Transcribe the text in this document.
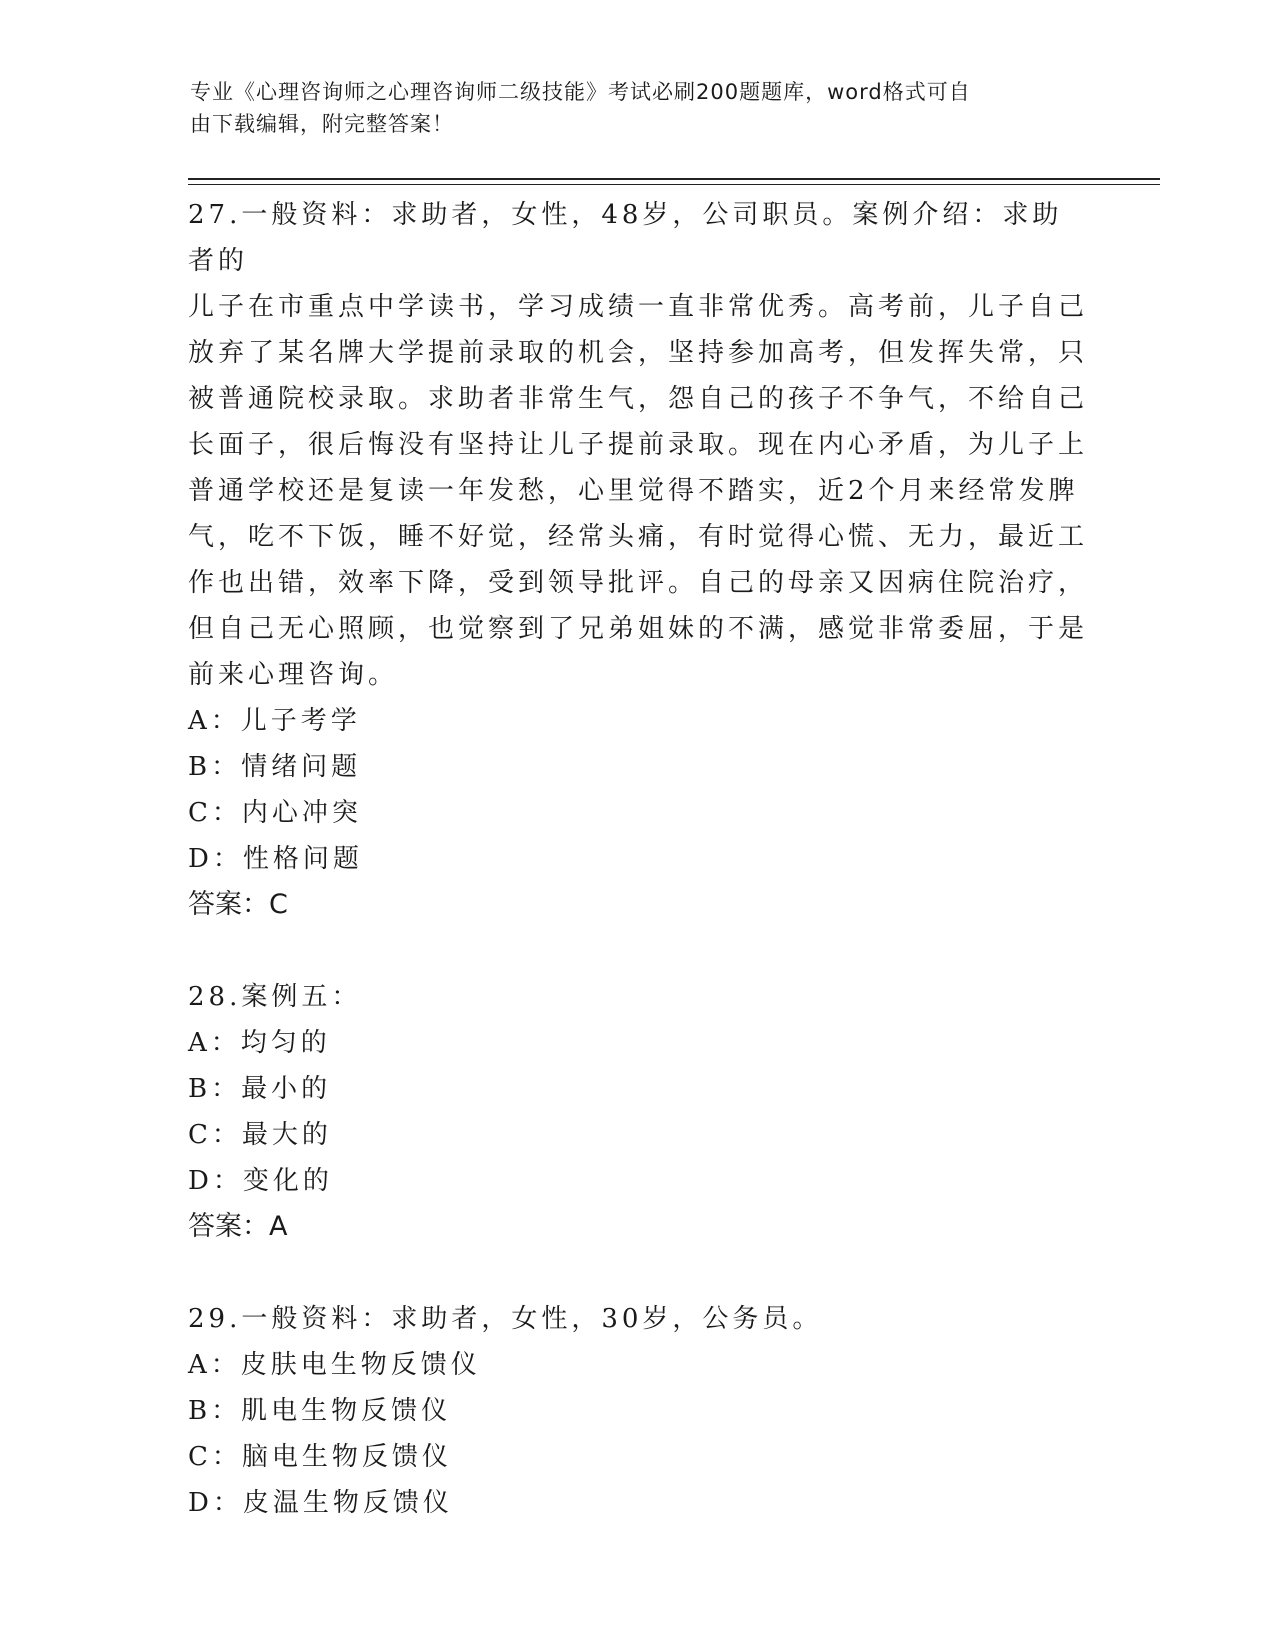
专业《心理咨询师之心理咨询师二级技能》考试必刷200题题库，word格式可自
由下载编辑，附完整答案！
27.一般资料：求助者，女性，48岁，公司职员。案例介绍：求助者的
儿子在市重点中学读书，学习成绩一直非常优秀。高考前，儿子自己
放弃了某名牌大学提前录取的机会，坚持参加高考，但发挥失常，只
被普通院校录取。求助者非常生气，怨自己的孩子不争气，不给自己
长面子，很后悔没有坚持让儿子提前录取。现在内心矛盾，为儿子上
普通学校还是复读一年发愁，心里觉得不踏实，近2个月来经常发脾
气，吃不下饭，睡不好觉，经常头痛，有时觉得心慌、无力，最近工
作也出错，效率下降，受到领导批评。自己的母亲又因病住院治疗，
但自己无心照顾，也觉察到了兄弟姐妹的不满，感觉非常委屈，于是
前来心理咨询。
A：儿子考学
B：情绪问题
C：内心冲突
D：性格问题
答案：C
28.案例五：
A：均匀的
B：最小的
C：最大的
D：变化的
答案：A
29.一般资料：求助者，女性，30岁，公务员。
A：皮肤电生物反馈仪
B：肌电生物反馈仪
C：脑电生物反馈仪
D：皮温生物反馈仪
